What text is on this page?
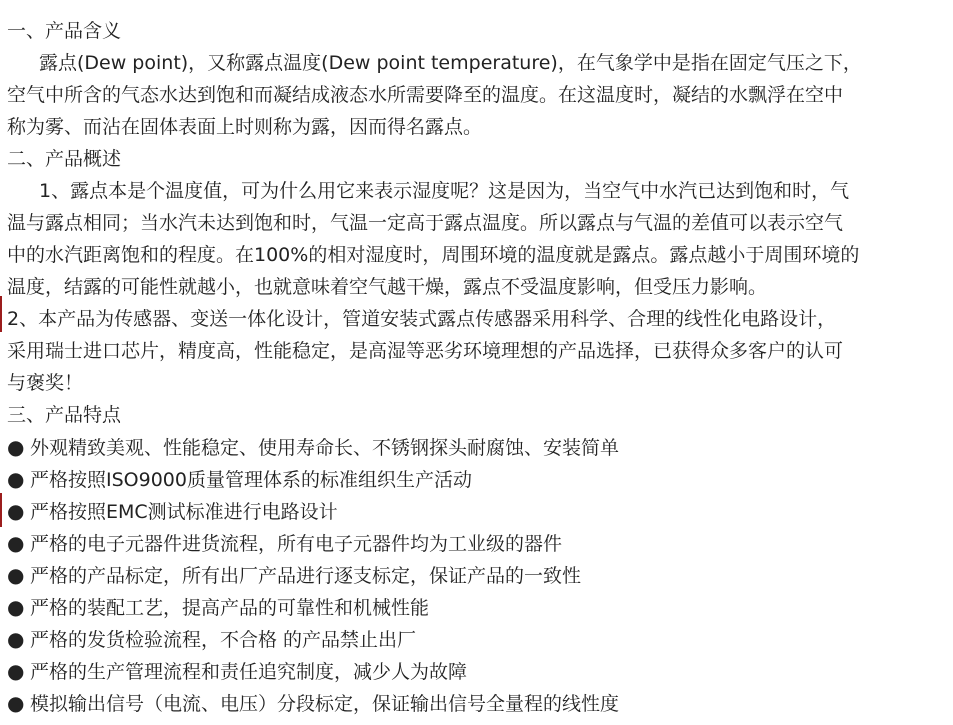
一、产品含义
露点(Dew point)，又称露点温度(Dew point temperature)，在气象学中是指在固定气压之下，
空气中所含的气态水达到饱和而凝结成液态水所需要降至的温度。在这温度时，凝结的水飘浮在空中
称为雾、而沾在固体表面上时则称为露，因而得名露点。
二、产品概述
1、露点本是个温度值，可为什么用它来表示湿度呢？这是因为，当空气中水汽已达到饱和时，气
温与露点相同；当水汽未达到饱和时，气温一定高于露点温度。所以露点与气温的差值可以表示空气
中的水汽距离饱和的程度。在100%的相对湿度时，周围环境的温度就是露点。露点越小于周围环境的
温度，结露的可能性就越小，也就意味着空气越干燥，露点不受温度影响，但受压力影响。
2、本产品为传感器、变送一体化设计，管道安装式露点传感器采用科学、合理的线性化电路设计，
采用瑞士进口芯片，精度高，性能稳定，是高湿等恶劣环境理想的产品选择，已获得众多客户的认可
与褒奖！
三、产品特点
● 外观精致美观、性能稳定、使用寿命长、不锈钢探头耐腐蚀、安装简单
● 严格按照ISO9000质量管理体系的标准组织生产活动
● 严格按照EMC测试标准进行电路设计
● 严格的电子元器件进货流程，所有电子元器件均为工业级的器件
● 严格的产品标定，所有出厂产品进行逐支标定，保证产品的一致性
● 严格的装配工艺，提高产品的可靠性和机械性能
● 严格的发货检验流程，不合格 的产品禁止出厂
● 严格的生产管理流程和责任追究制度，减少人为故障
● 模拟输出信号（电流、电压）分段标定，保证输出信号全量程的线性度
